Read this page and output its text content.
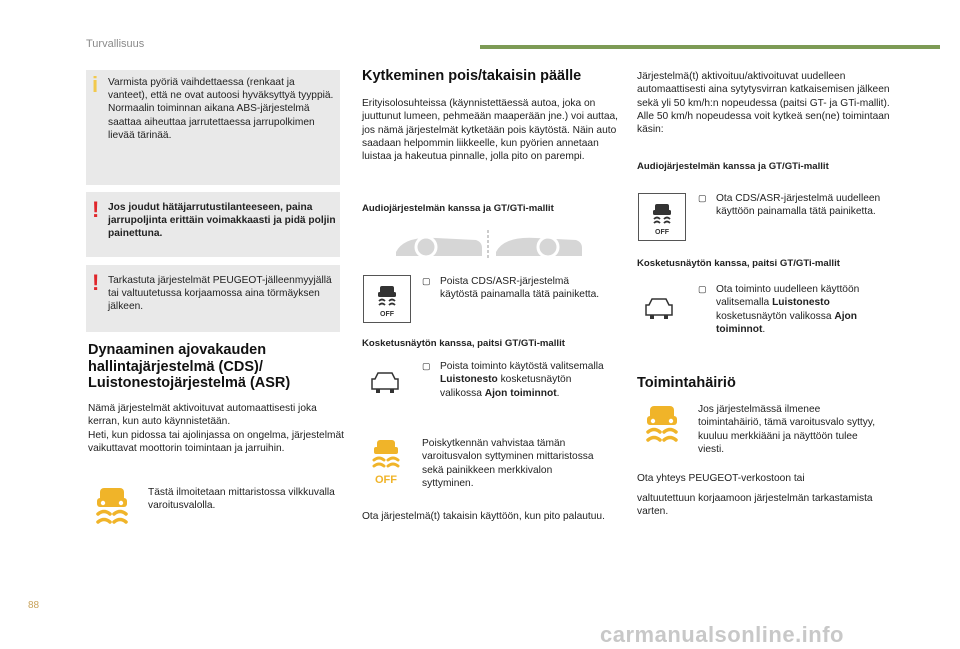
Turvallisuus
i Varmista pyöriä vaihdettaessa (renkaat ja vanteet), että ne ovat autoosi hyväksyttyä tyyppiä.
Normaalin toiminnan aikana ABS-järjestelmä saattaa aiheuttaa jarrutettaessa jarrupolkimen lievää tärinää.
! Jos joudut hätäjarrutustilanteeseen, paina jarrupoljinta erittäin voimakkaasti ja pidä poljin painettuna.
! Tarkastuta järjestelmät PEUGEOT-jälleenmyyjällä tai valtuutetussa korjaamossa aina törmäyksen jälkeen.
Dynaaminen ajovakauden hallintajärjestelmä (CDS)/ Luistonestojärjestelmä (ASR)
Nämä järjestelmät aktivoituvat automaattisesti joka kerran, kun auto käynnistetään.
Heti, kun pidossa tai ajolinjassa on ongelma, järjestelmät vaikuttavat moottorin toimintaan ja jarruihin.
Tästä ilmoitetaan mittaristossa vilkkuvalla varoitusvalolla.
Kytkeminen pois/takaisin päälle
Erityisolosuhteissa (käynnistettäessä autoa, joka on juuttunut lumeen, pehmeään maaperään jne.) voi auttaa, jos nämä järjestelmät kytketään pois käytöstä. Näin auto saadaan helpommin liikkeelle, kun pyörien annetaan luistaa ja hakeutua pinnalle, jolla pito on parempi.
Audiojärjestelmän kanssa ja GT/GTi-mallit
OFF
▢ Poista CDS/ASR-järjestelmä käytöstä painamalla tätä painiketta.
Kosketusnäytön kanssa, paitsi GT/GTi-mallit
▢ Poista toiminto käytöstä valitsemalla Luistonesto kosketusnäytön valikossa Ajon toiminnot.
OFF
Poiskytkennän vahvistaa tämän varoitusvalon syttyminen mittaristossa sekä painikkeen merkkivalon syttyminen.
Ota järjestelmä(t) takaisin käyttöön, kun pito palautuu.
Järjestelmä(t) aktivoituu/aktivoituvat uudelleen automaattisesti aina sytytysvirran katkaisemisen jälkeen sekä yli 50 km/h:n nopeudessa (paitsi GT- ja GTi-mallit).
Alle 50 km/h nopeudessa voit kytkeä sen(ne) toimintaan käsin:
Audiojärjestelmän kanssa ja GT/GTi-mallit
OFF
▢ Ota CDS/ASR-järjestelmä uudelleen käyttöön painamalla tätä painiketta.
Kosketusnäytön kanssa, paitsi GT/GTi-mallit
▢ Ota toiminto uudelleen käyttöön valitsemalla Luistonesto kosketusnäytön valikossa Ajon toiminnot.
Toimintahäiriö
Jos järjestelmässä ilmenee toimintahäiriö, tämä varoitusvalo syttyy, kuuluu merkkiääni ja näyttöön tulee viesti.
Ota yhteys PEUGEOT-verkostoon tai
valtuutettuun korjaamoon järjestelmän tarkastamista varten.
88
carmanualsonline.info
